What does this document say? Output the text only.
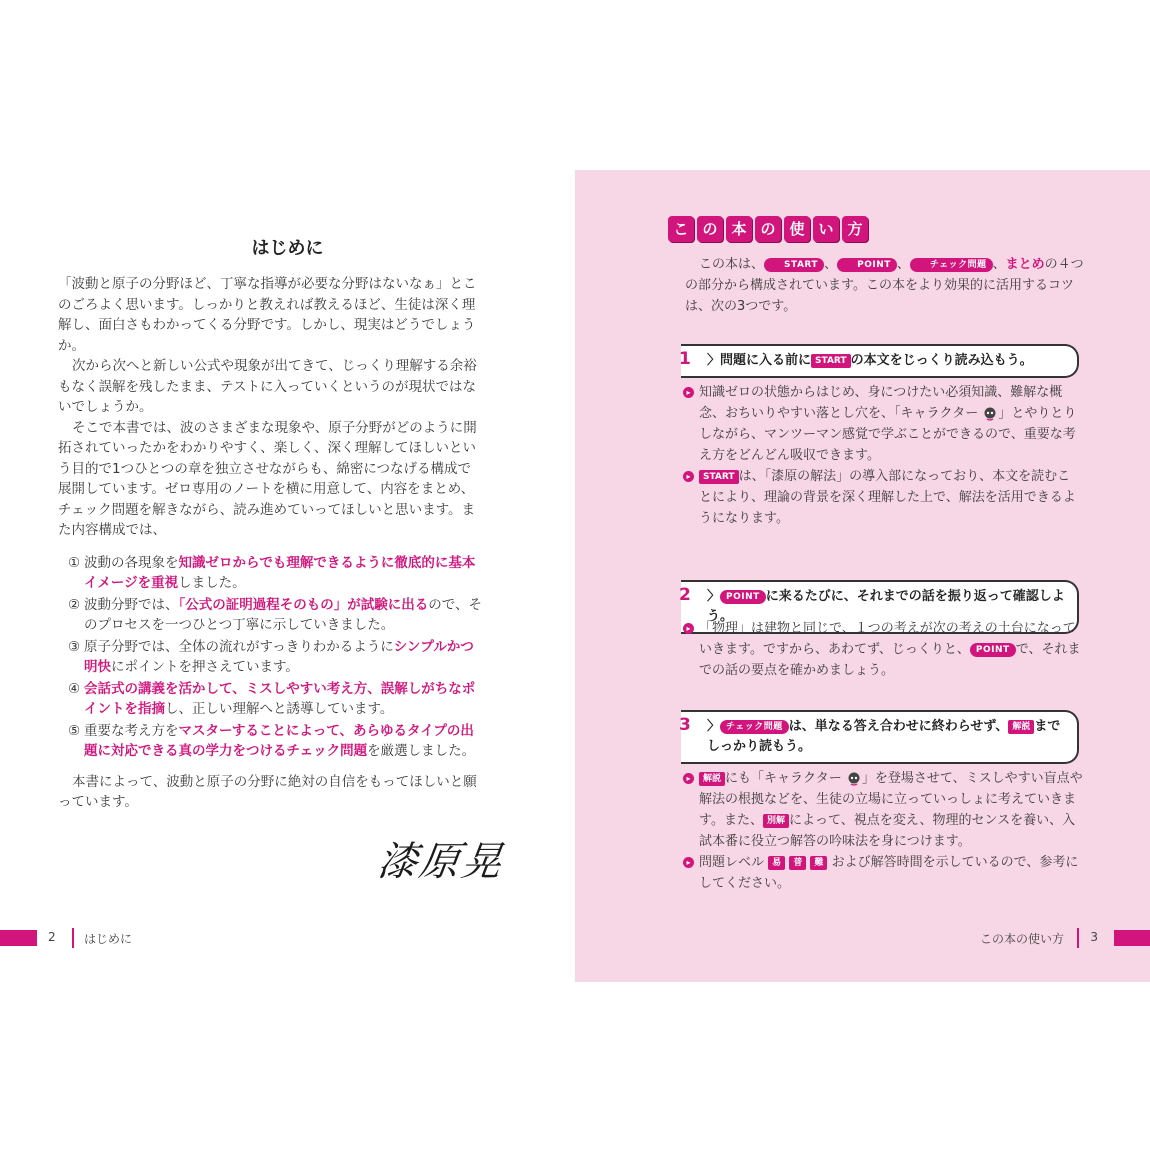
はじめに

「波動と原子の分野ほど、丁寧な指導が必要な分野はないなぁ」とこのごろよく思います。しっかりと教えれば教えるほど、生徒は深く理解し、面白さもわかってくる分野です。しかし、現実はどうでしょうか。

次から次へと新しい公式や現象が出てきて、じっくり理解する余裕もなく誤解を残したまま、テストに入っていくというのが現状ではないでしょうか。

そこで本書では、波のさまざまな現象や、原子分野がどのように開拓されていったかをわかりやすく、楽しく、深く理解してほしいという目的で1つひとつの章を独立させながらも、綿密につなげる構成で展開しています。ゼロ専用のノートを横に用意して、内容をまとめ、チェック問題を解きながら、読み進めていってほしいと思います。また内容構成では、

① 波動の各現象を知識ゼロからでも理解できるように徹底的に基本イメージを重視しました。
② 波動分野では、「公式の証明過程そのもの」が試験に出るので、そのプロセスを一つひとつ丁寧に示していきました。
③ 原子分野では、全体の流れがすっきりわかるようにシンプルかつ明快にポイントを押さえています。
④ 会話式の講義を活かして、ミスしやすい考え方、誤解しがちなポイントを指摘し、正しい理解へと誘導しています。
⑤ 重要な考え方をマスターすることによって、あらゆるタイプの出題に対応できる真の学力をつけるチェック問題を厳選しました。

本書によって、波動と原子の分野に絶対の自信をもってほしいと願っています。

漆原晃
2 はじめに
こ の 本 の 使 い 方
この本は、 START 、 POINT 、 チェック問題 、まとめの４つの部分から構成されています。この本をより効果的に活用するコツは、次の3つです。
1 〉問題に入る前に START の本文をじっくり読み込もう。
▸ 知識ゼロの状態からはじめ、身につけたい必須知識、難解な概念、おちいりやすい落とし穴を、「キャラクター 」とやりとりしながら、マンツーマン感覚で学ぶことができるので、重要な考え方をどんどん吸収できます。
▸	START は、「漆原の解法」の導入部になっており、本文を読むことにより、理論の背景を深く理解した上で、解法を活用できるようになります。
2 〉 POINT に来るたびに、それまでの話を振り返って確認しよう。
▸ 「物理」は建物と同じで、１つの考えが次の考えの土台になっていきます。ですから、あわてず、じっくりと、 POINT で、それまでの話の要点を確かめましょう。
3 〉 チェック問題 は、単なる答え合わせに終わらせず、 解説 までしっかり読もう。
▸	解説 にも「キャラクター 」を登場させて、ミスしやすい盲点や解法の根拠などを、生徒の立場に立っていっしょに考えていきます。また、 別解 によって、視点を変え、物理的センスを養い、入試本番に役立つ解答の吟味法を身につけます。
▸ 問題レベル 易 普 難 および解答時間を示しているので、参考にしてください。
この本の使い方 3
